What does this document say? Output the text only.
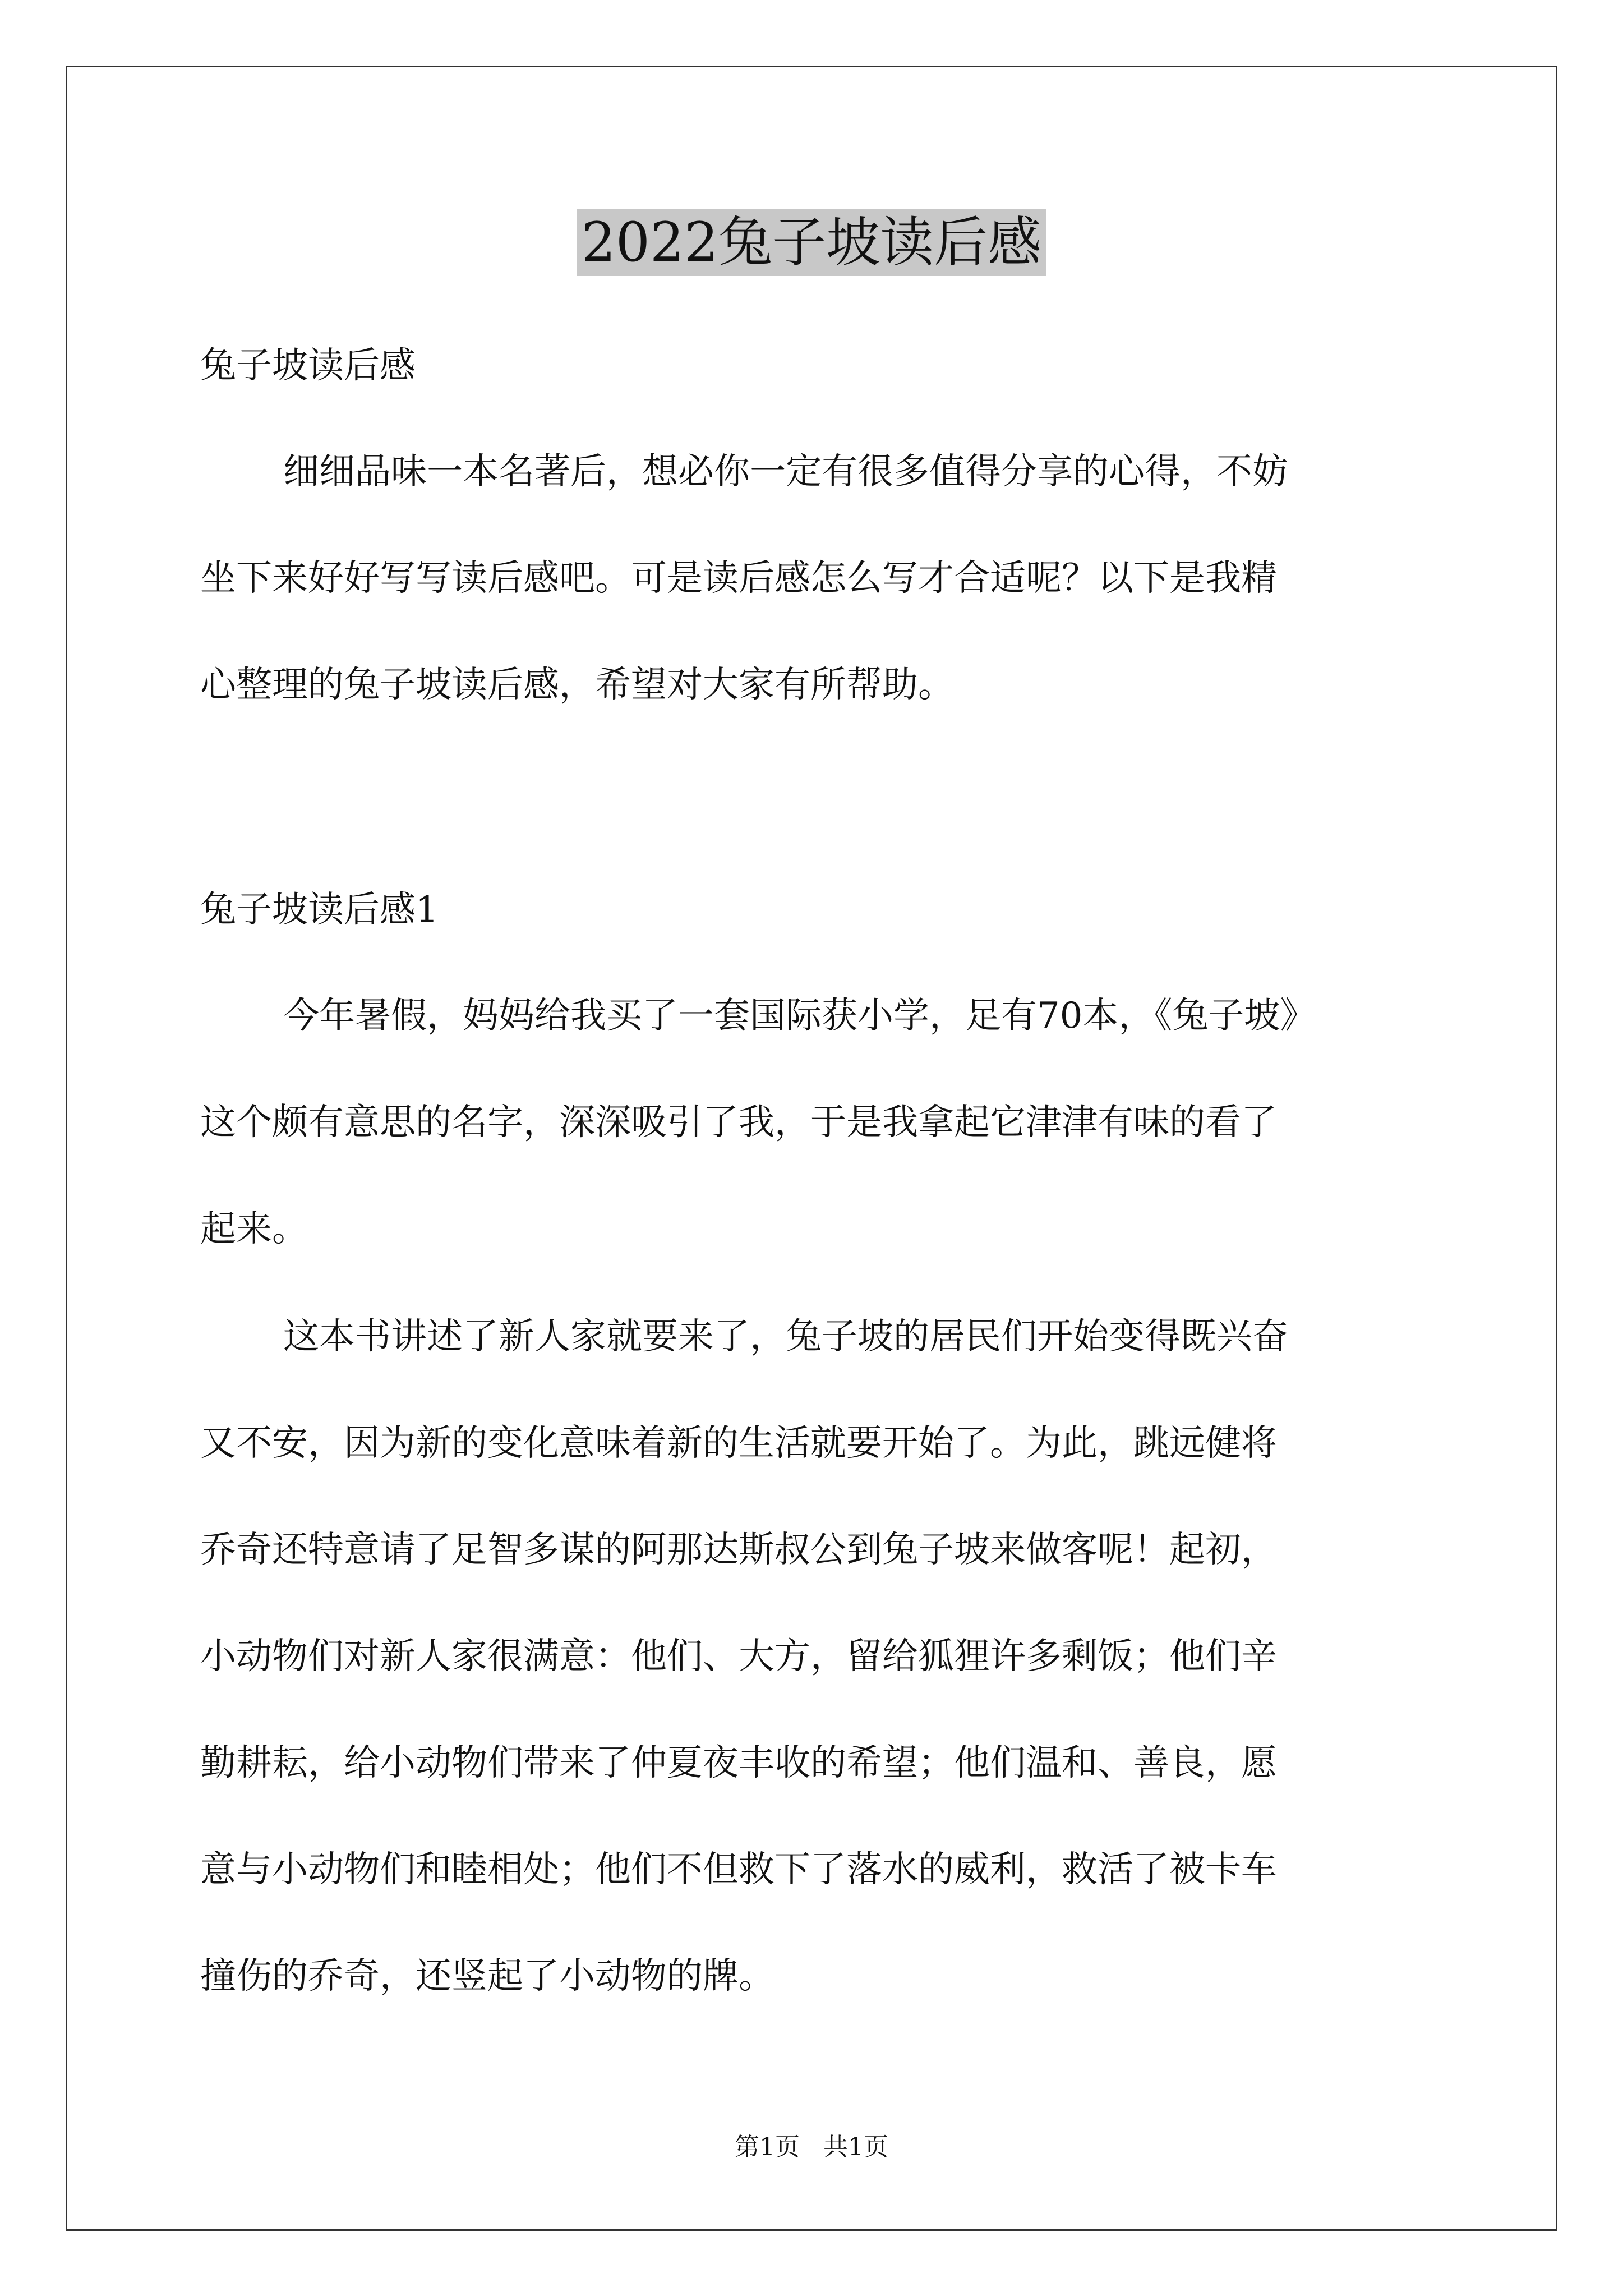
2022兔子坡读后感
兔子坡读后感

细细品味一本名著后，想必你一定有很多值得分享的心得，不妨
坐下来好好写写读后感吧。可是读后感怎么写才合适呢？以下是我精
心整理的兔子坡读后感，希望对大家有所帮助。

兔子坡读后感1

今年暑假，妈妈给我买了一套国际获小学，足有70本，《兔子坡》
这个颇有意思的名字，深深吸引了我，于是我拿起它津津有味的看了
起来。

这本书讲述了新人家就要来了，兔子坡的居民们开始变得既兴奋
又不安，因为新的变化意味着新的生活就要开始了。为此，跳远健将
乔奇还特意请了足智多谋的阿那达斯叔公到兔子坡来做客呢！起初，
小动物们对新人家很满意：他们、大方，留给狐狸许多剩饭；他们辛
勤耕耘，给小动物们带来了仲夏夜丰收的希望；他们温和、善良，愿
意与小动物们和睦相处；他们不但救下了落水的威利，救活了被卡车
撞伤的乔奇，还竖起了小动物的牌。

第1页   共1页
